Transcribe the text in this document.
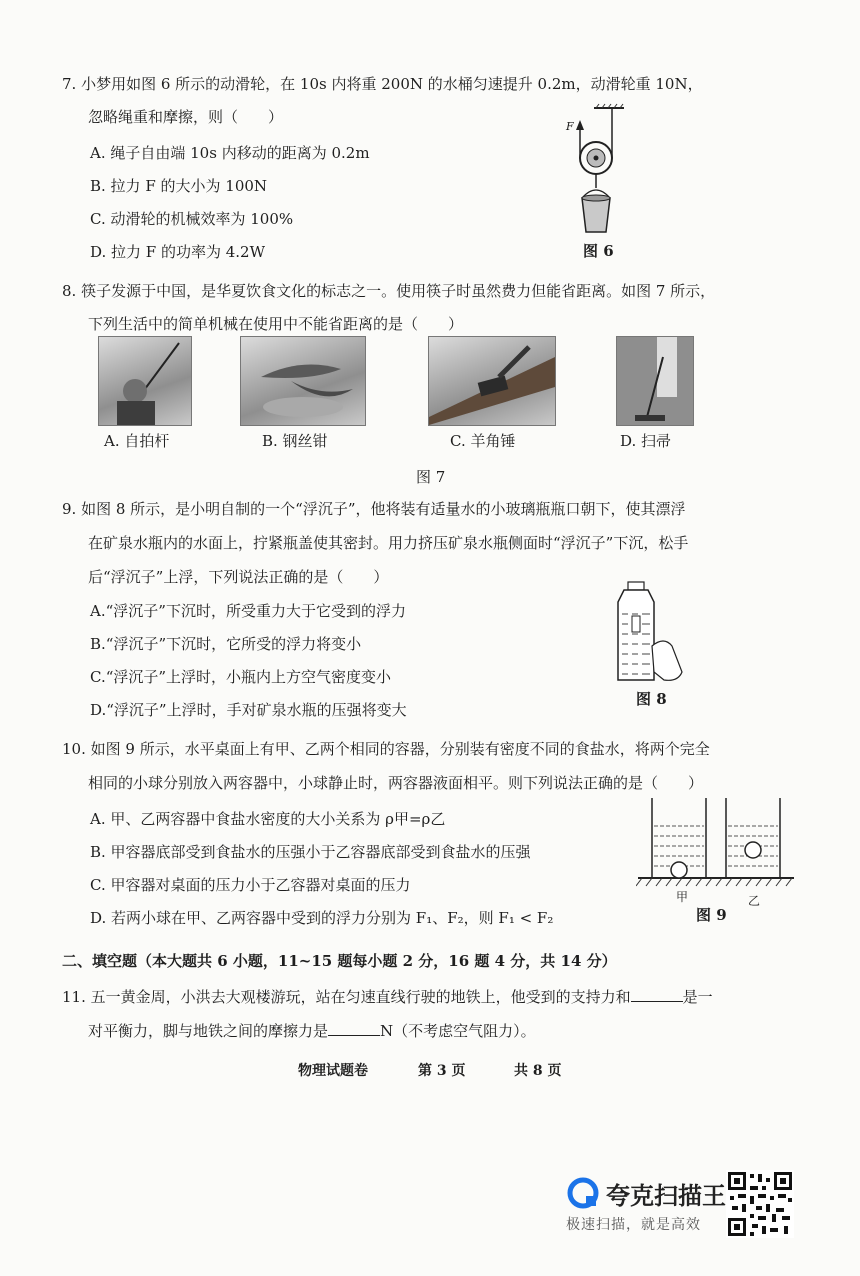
7. 小梦用如图 6 所示的动滑轮，在 10s 内将重 200N 的水桶匀速提升 0.2m，动滑轮重 10N，
忽略绳重和摩擦，则（　　）
A. 绳子自由端 10s 内移动的距离为 0.2m
B. 拉力 F 的大小为 100N
C. 动滑轮的机械效率为 100%
D. 拉力 F 的功率为 4.2W
F
图 6
8. 筷子发源于中国，是华夏饮食文化的标志之一。使用筷子时虽然费力但能省距离。如图 7 所示，
下列生活中的简单机械在使用中不能省距离的是（　　）
A. 自拍杆	B. 钢丝钳	C. 羊角锤	D. 扫帚
图 7
9. 如图 8 所示，是小明自制的一个“浮沉子”，他将装有适量水的小玻璃瓶瓶口朝下，使其漂浮
在矿泉水瓶内的水面上，拧紧瓶盖使其密封。用力挤压矿泉水瓶侧面时“浮沉子”下沉，松手
后“浮沉子”上浮，下列说法正确的是（　　）
A.“浮沉子”下沉时，所受重力大于它受到的浮力
B.“浮沉子”下沉时，它所受的浮力将变小
C.“浮沉子”上浮时，小瓶内上方空气密度变小
D.“浮沉子”上浮时，手对矿泉水瓶的压强将变大
图 8
10. 如图 9 所示，水平桌面上有甲、乙两个相同的容器，分别装有密度不同的食盐水，将两个完全
相同的小球分别放入两容器中，小球静止时，两容器液面相平。则下列说法正确的是（　　）
A. 甲、乙两容器中食盐水密度的大小关系为 ρ甲=ρ乙
B. 甲容器底部受到食盐水的压强小于乙容器底部受到食盐水的压强
C. 甲容器对桌面的压力小于乙容器对桌面的压力
D. 若两小球在甲、乙两容器中受到的浮力分别为 F₁、F₂，则 F₁ < F₂
甲	乙
图 9
二、填空题（本大题共 6 小题，11~15 题每小题 2 分，16 题 4 分，共 14 分）
11. 五一黄金周，小洪去大观楼游玩，站在匀速直线行驶的地铁上，他受到的支持力和	是一
对平衡力，脚与地铁之间的摩擦力是	N（不考虑空气阻力）。
物理试题卷	第 3 页	共 8 页
夸克扫描王
极速扫描，就是高效
